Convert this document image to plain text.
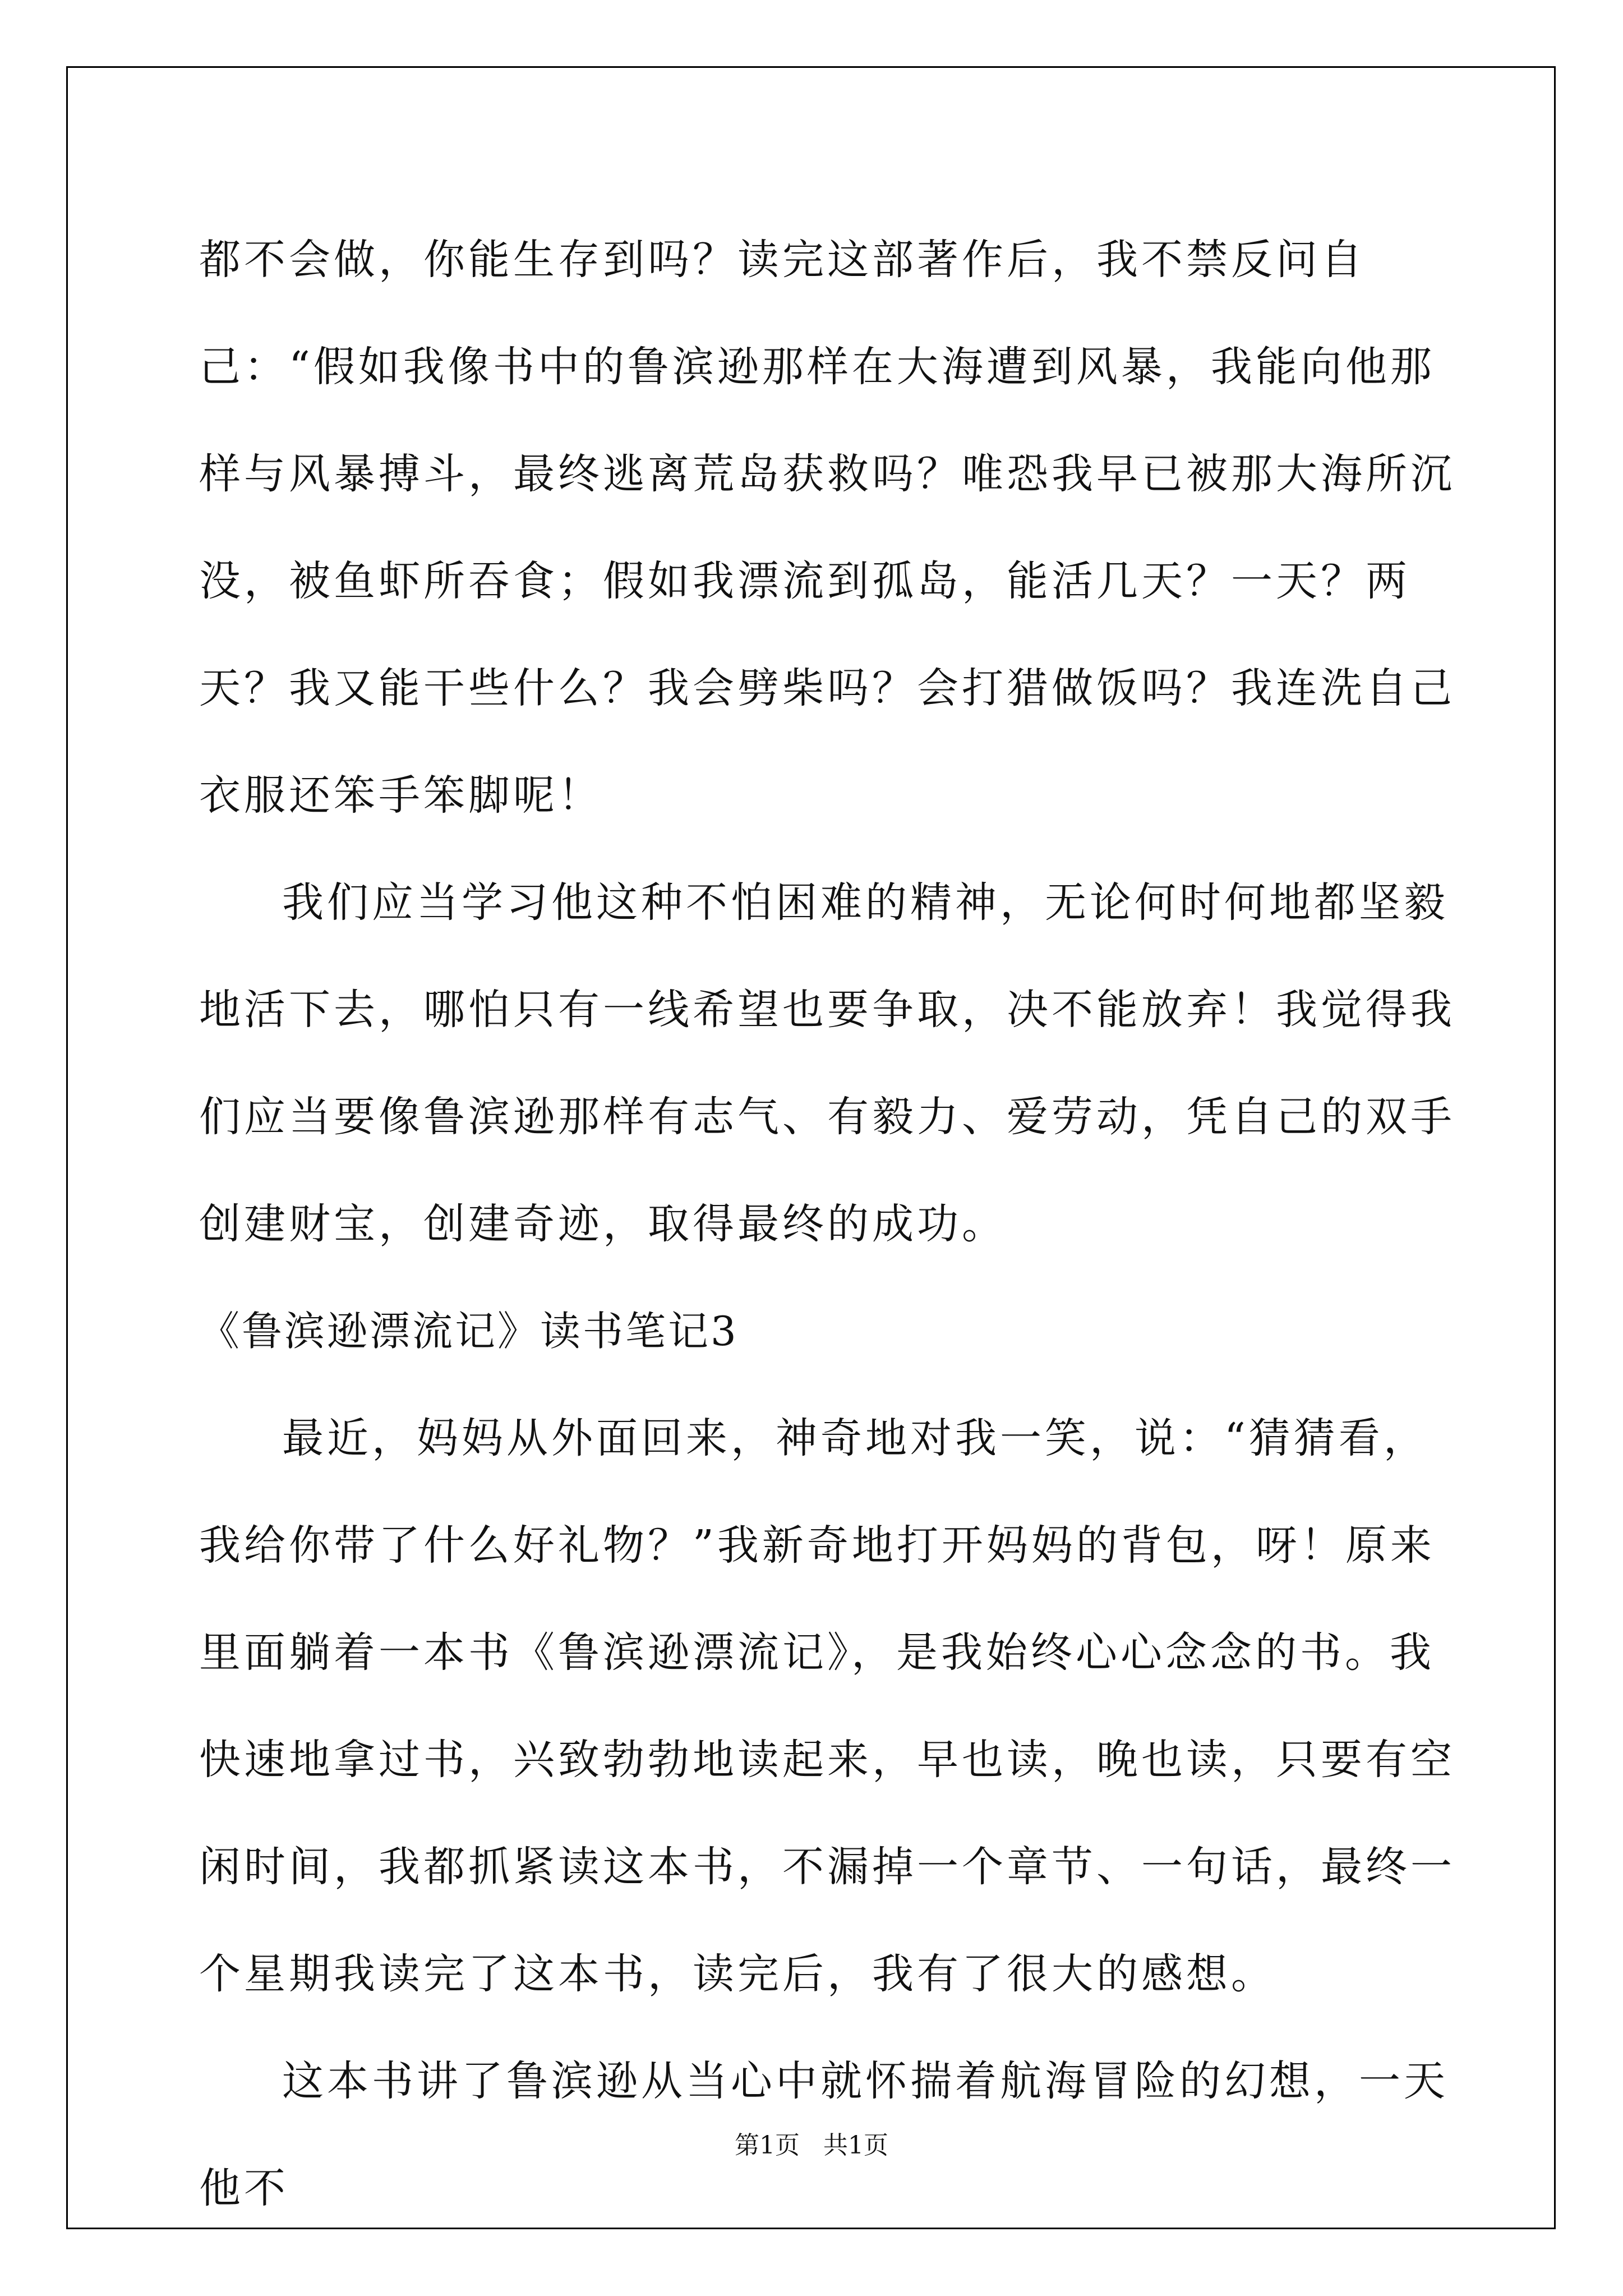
都不会做，你能生存到吗？读完这部著作后，我不禁反问自己：“假如我像书中的鲁滨逊那样在大海遭到风暴，我能向他那样与风暴搏斗，最终逃离荒岛获救吗？唯恐我早已被那大海所沉没，被鱼虾所吞食；假如我漂流到孤岛，能活几天？一天？两天？我又能干些什么？我会劈柴吗？会打猎做饭吗？我连洗自己衣服还笨手笨脚呢！

我们应当学习他这种不怕困难的精神，无论何时何地都坚毅地活下去，哪怕只有一线希望也要争取，决不能放弃！我觉得我们应当要像鲁滨逊那样有志气、有毅力、爱劳动，凭自己的双手创建财宝，创建奇迹，取得最终的成功。

《鲁滨逊漂流记》读书笔记3

最近，妈妈从外面回来，神奇地对我一笑，说：“猜猜看，我给你带了什么好礼物？”我新奇地打开妈妈的背包，呀！原来里面躺着一本书《鲁滨逊漂流记》，是我始终心心念念的书。我快速地拿过书，兴致勃勃地读起来，早也读，晚也读，只要有空闲时间，我都抓紧读这本书，不漏掉一个章节、一句话，最终一个星期我读完了这本书，读完后，我有了很大的感想。

这本书讲了鲁滨逊从当心中就怀揣着航海冒险的幻想，一天他不

第1页 共1页
